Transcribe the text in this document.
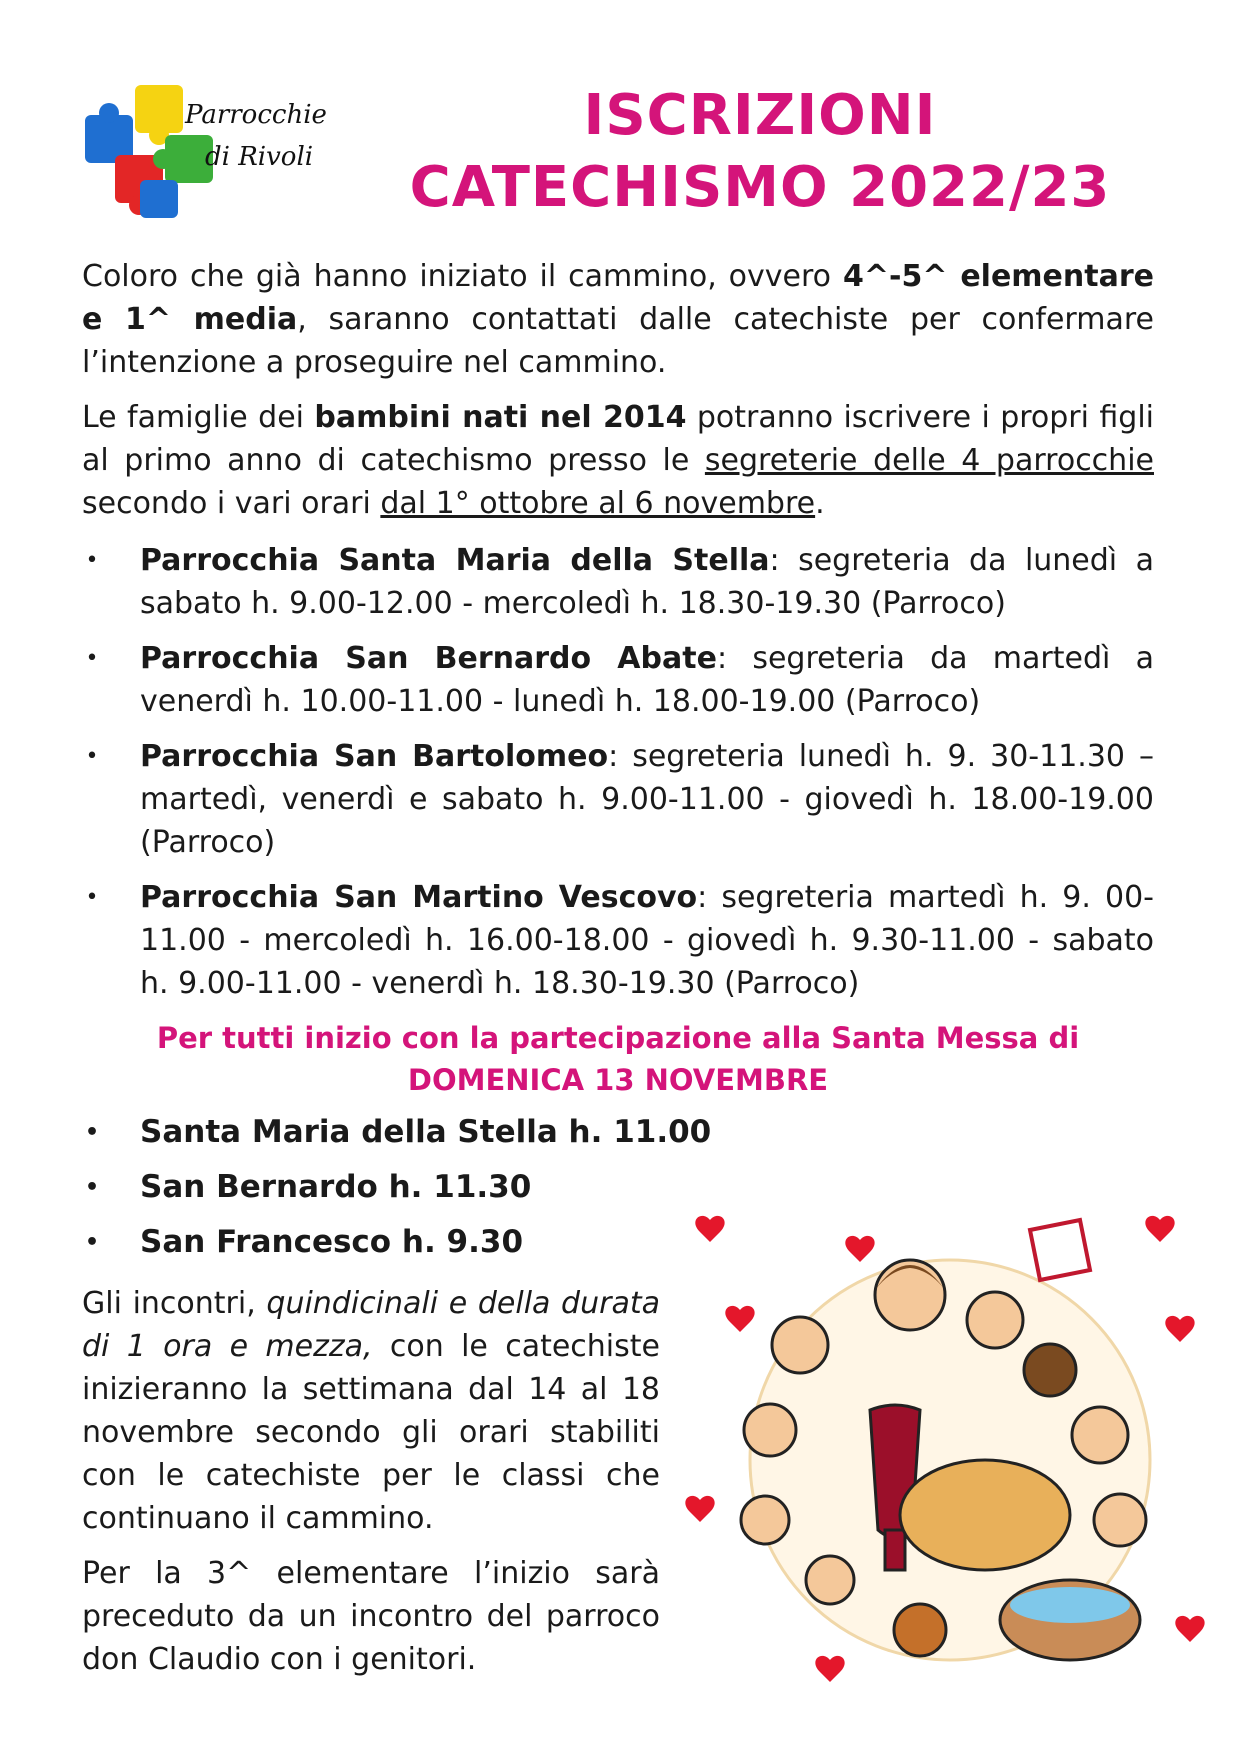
Parrocchie
di Rivoli
ISCRIZIONI
CATECHISMO 2022/23

Coloro che già hanno iniziato il cammino, ovvero 4^-5^ elementare e 1^ media, saranno contattati dalle catechiste per confermare l’intenzione a proseguire nel cammino.

Le famiglie dei bambini nati nel 2014 potranno iscrivere i propri figli al primo anno di catechismo presso le segreterie delle 4 parrocchie secondo i vari orari dal 1° ottobre al 6 novembre.

• Parrocchia Santa Maria della Stella: segreteria da lunedì a sabato h. 9.00-12.00 - mercoledì h. 18.30-19.30 (Parroco)
• Parrocchia San Bernardo Abate: segreteria da martedì a venerdì h. 10.00-11.00 - lunedì h. 18.00-19.00 (Parroco)
• Parrocchia San Bartolomeo: segreteria lunedì h. 9. 30-11.30 – martedì, venerdì e sabato h. 9.00-11.00 - giovedì h. 18.00-19.00 (Parroco)
• Parrocchia San Martino Vescovo: segreteria martedì h. 9. 00-11.00 - mercoledì h. 16.00-18.00 - giovedì h. 9.30-11.00 - sabato h. 9.00-11.00 - venerdì h. 18.30-19.30 (Parroco)
Per tutti inizio con la partecipazione alla Santa Messa di
DOMENICA 13 NOVEMBRE
• Santa Maria della Stella h. 11.00
• San Bernardo h. 11.30
• San Francesco h. 9.30

Gli incontri, quindicinali e della durata di 1 ora e mezza, con le catechiste inizieranno la settimana dal 14 al 18 novembre secondo gli orari stabiliti con le catechiste per le classi che continuano il cammino.

Per la 3^ elementare l’inizio sarà preceduto da un incontro del parroco don Claudio con i genitori.
